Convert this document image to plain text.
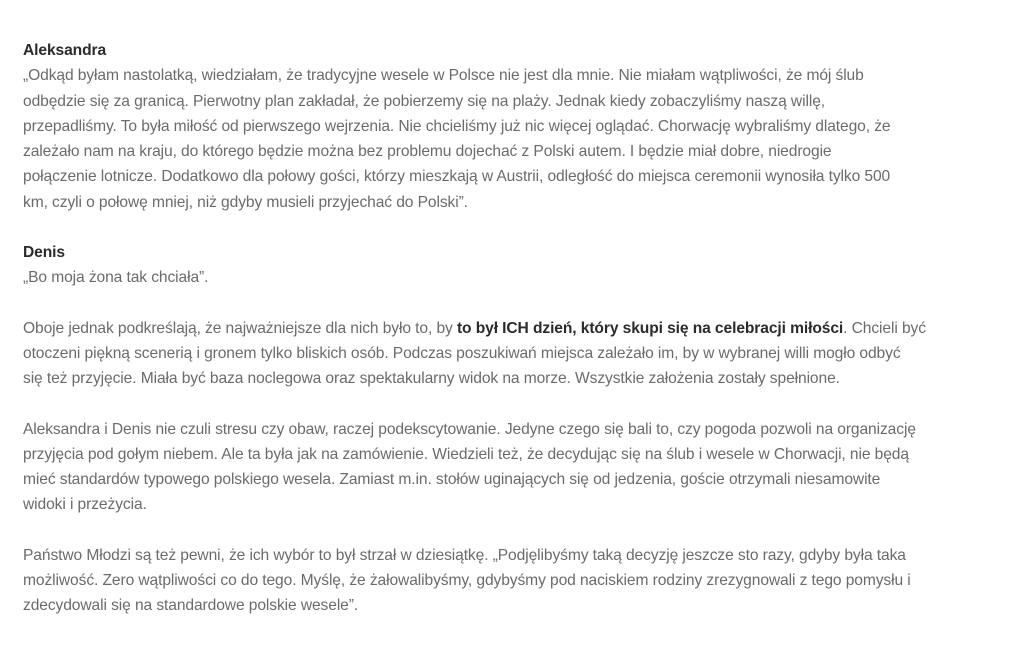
Aleksandra

„Odkąd byłam nastolatką, wiedziałam, że tradycyjne wesele w Polsce nie jest dla mnie. Nie miałam wątpliwości, że mój ślub
odbędzie się za granicą. Pierwotny plan zakładał, że pobierzemy się na plaży. Jednak kiedy zobaczyliśmy naszą willę,
przepadliśmy. To była miłość od pierwszego wejrzenia. Nie chcieliśmy już nic więcej oglądać. Chorwację wybraliśmy dlatego, że
zależało nam na kraju, do którego będzie można bez problemu dojechać z Polski autem. I będzie miał dobre, niedrogie
połączenie lotnicze. Dodatkowo dla połowy gości, którzy mieszkają w Austrii, odległość do miejsca ceremonii wynosiła tylko 500
km, czyli o połowę mniej, niż gdyby musieli przyjechać do Polski”.

Denis

„Bo moja żona tak chciała”.

Oboje jednak podkreślają, że najważniejsze dla nich było to, by to był ICH dzień, który skupi się na celebracji miłości. Chcieli być
otoczeni piękną scenerią i gronem tylko bliskich osób. Podczas poszukiwań miejsca zależało im, by w wybranej willi mogło odbyć
się też przyjęcie. Miała być baza noclegowa oraz spektakularny widok na morze. Wszystkie założenia zostały spełnione.

Aleksandra i Denis nie czuli stresu czy obaw, raczej podekscytowanie. Jedyne czego się bali to, czy pogoda pozwoli na organizację
przyjęcia pod gołym niebem. Ale ta była jak na zamówienie. Wiedzieli też, że decydując się na ślub i wesele w Chorwacji, nie będą
mieć standardów typowego polskiego wesela. Zamiast m.in. stołów uginających się od jedzenia, goście otrzymali niesamowite
widoki i przeżycia.

Państwo Młodzi są też pewni, że ich wybór to był strzał w dziesiątkę. „Podjęlibyśmy taką decyzję jeszcze sto razy, gdyby była taka
możliwość. Zero wątpliwości co do tego. Myślę, że żałowalibyśmy, gdybyśmy pod naciskiem rodziny zrezygnowali z tego pomysłu i
zdecydowali się na standardowe polskie wesele”.
